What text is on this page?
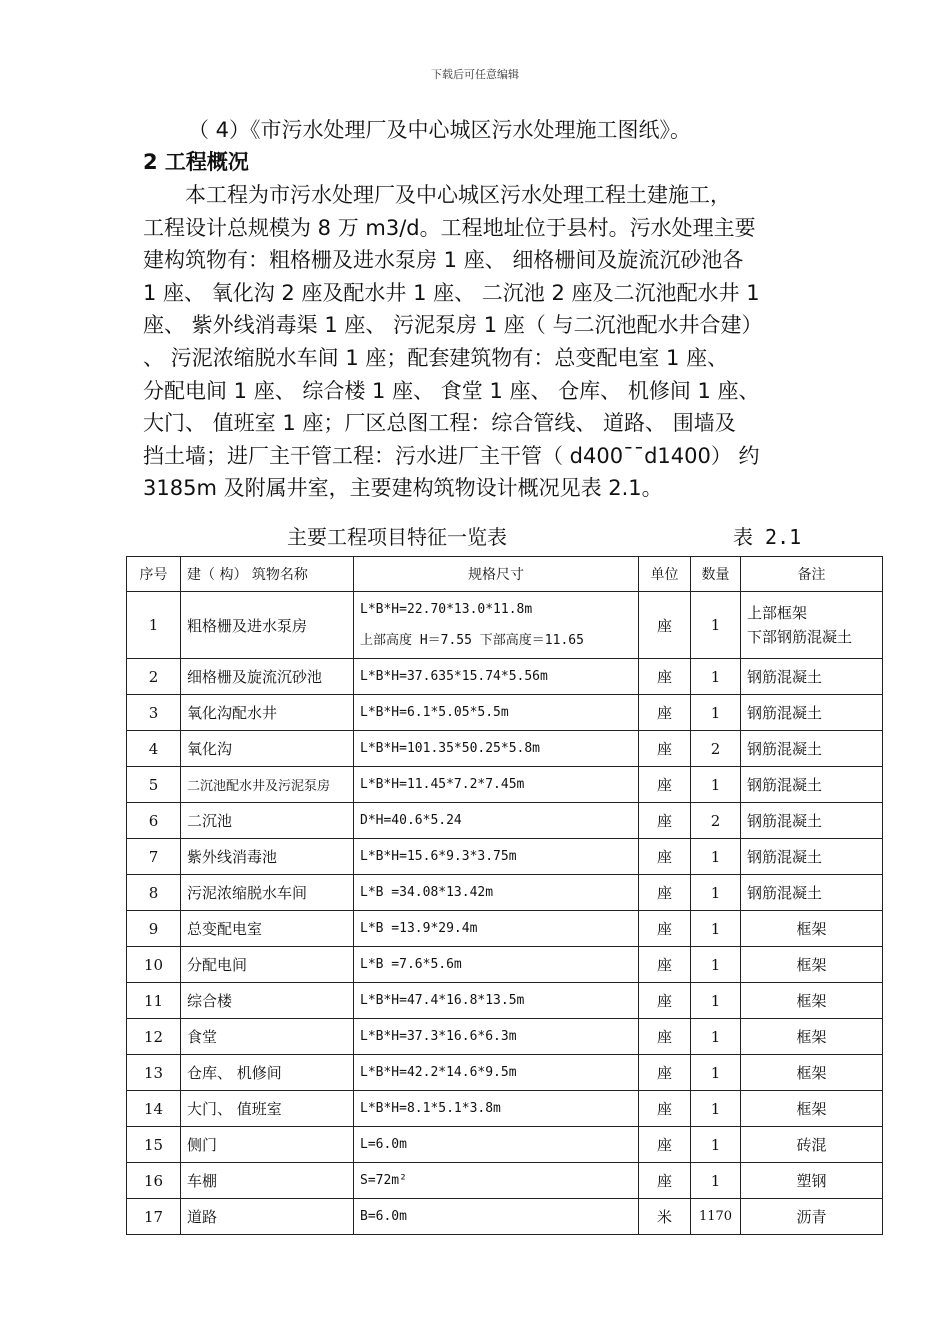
下载后可任意编辑
（ 4）《市污水处理厂及中心城区污水处理施工图纸》。
2 工程概况

　　本工程为市污水处理厂及中心城区污水处理工程土建施工，

工程设计总规模为 8 万 m3/d。工程地址位于县村。污水处理主要

建构筑物有：粗格栅及进水泵房 1 座、 细格栅间及旋流沉砂池各

1 座、 氧化沟 2 座及配水井 1 座、 二沉池 2 座及二沉池配水井 1

座、 紫外线消毒渠 1 座、 污泥泵房 1 座（ 与二沉池配水井合建）

、 污泥浓缩脱水车间 1 座；配套建筑物有：总变配电室 1 座、

分配电间 1 座、 综合楼 1 座、 食堂 1 座、 仓库、 机修间 1 座、

大门、 值班室 1 座；厂区总图工程：综合管线、 道路、 围墙及

挡土墙；进厂主干管工程：污水进厂主干管（ d400¯¯d1400） 约

3185m 及附属井室，主要建构筑物设计概况见表 2.1。

主要工程项目特征一览表	表 2.1
序号	建（ 构） 筑物名称	规格尺寸	单位	数量	备注
1	粗格栅及进水泵房	L*B*H=22.70*13.0*11.8m
上部高度 H＝7.55 下部高度＝11.65	座	1	上部框架
下部钢筋混凝土

2	细格栅及旋流沉砂池	L*B*H=37.635*15.74*5.56m	座	1	钢筋混凝土
3	氧化沟配水井	L*B*H=6.1*5.05*5.5m	座	1	钢筋混凝土
4	氧化沟	L*B*H=101.35*50.25*5.8m	座	2	钢筋混凝土
5	二沉池配水井及污泥泵房	L*B*H=11.45*7.2*7.45m	座	1	钢筋混凝土
6	二沉池	D*H=40.6*5.24	座	2	钢筋混凝土
7	紫外线消毒池	L*B*H=15.6*9.3*3.75m	座	1	钢筋混凝土
8	污泥浓缩脱水车间	L*B =34.08*13.42m	座	1	钢筋混凝土
9	总变配电室	L*B =13.9*29.4m	座	1	框架
10	分配电间	L*B =7.6*5.6m	座	1	框架
11	综合楼	L*B*H=47.4*16.8*13.5m	座	1	框架
12	食堂	L*B*H=37.3*16.6*6.3m	座	1	框架
13	仓库、 机修间	L*B*H=42.2*14.6*9.5m	座	1	框架
14	大门、 值班室	L*B*H=8.1*5.1*3.8m	座	1	框架
15	侧门	L=6.0m	座	1	砖混
16	车棚	S=72m²	座	1	塑钢
17	道路	B=6.0m	米	1170	沥青
